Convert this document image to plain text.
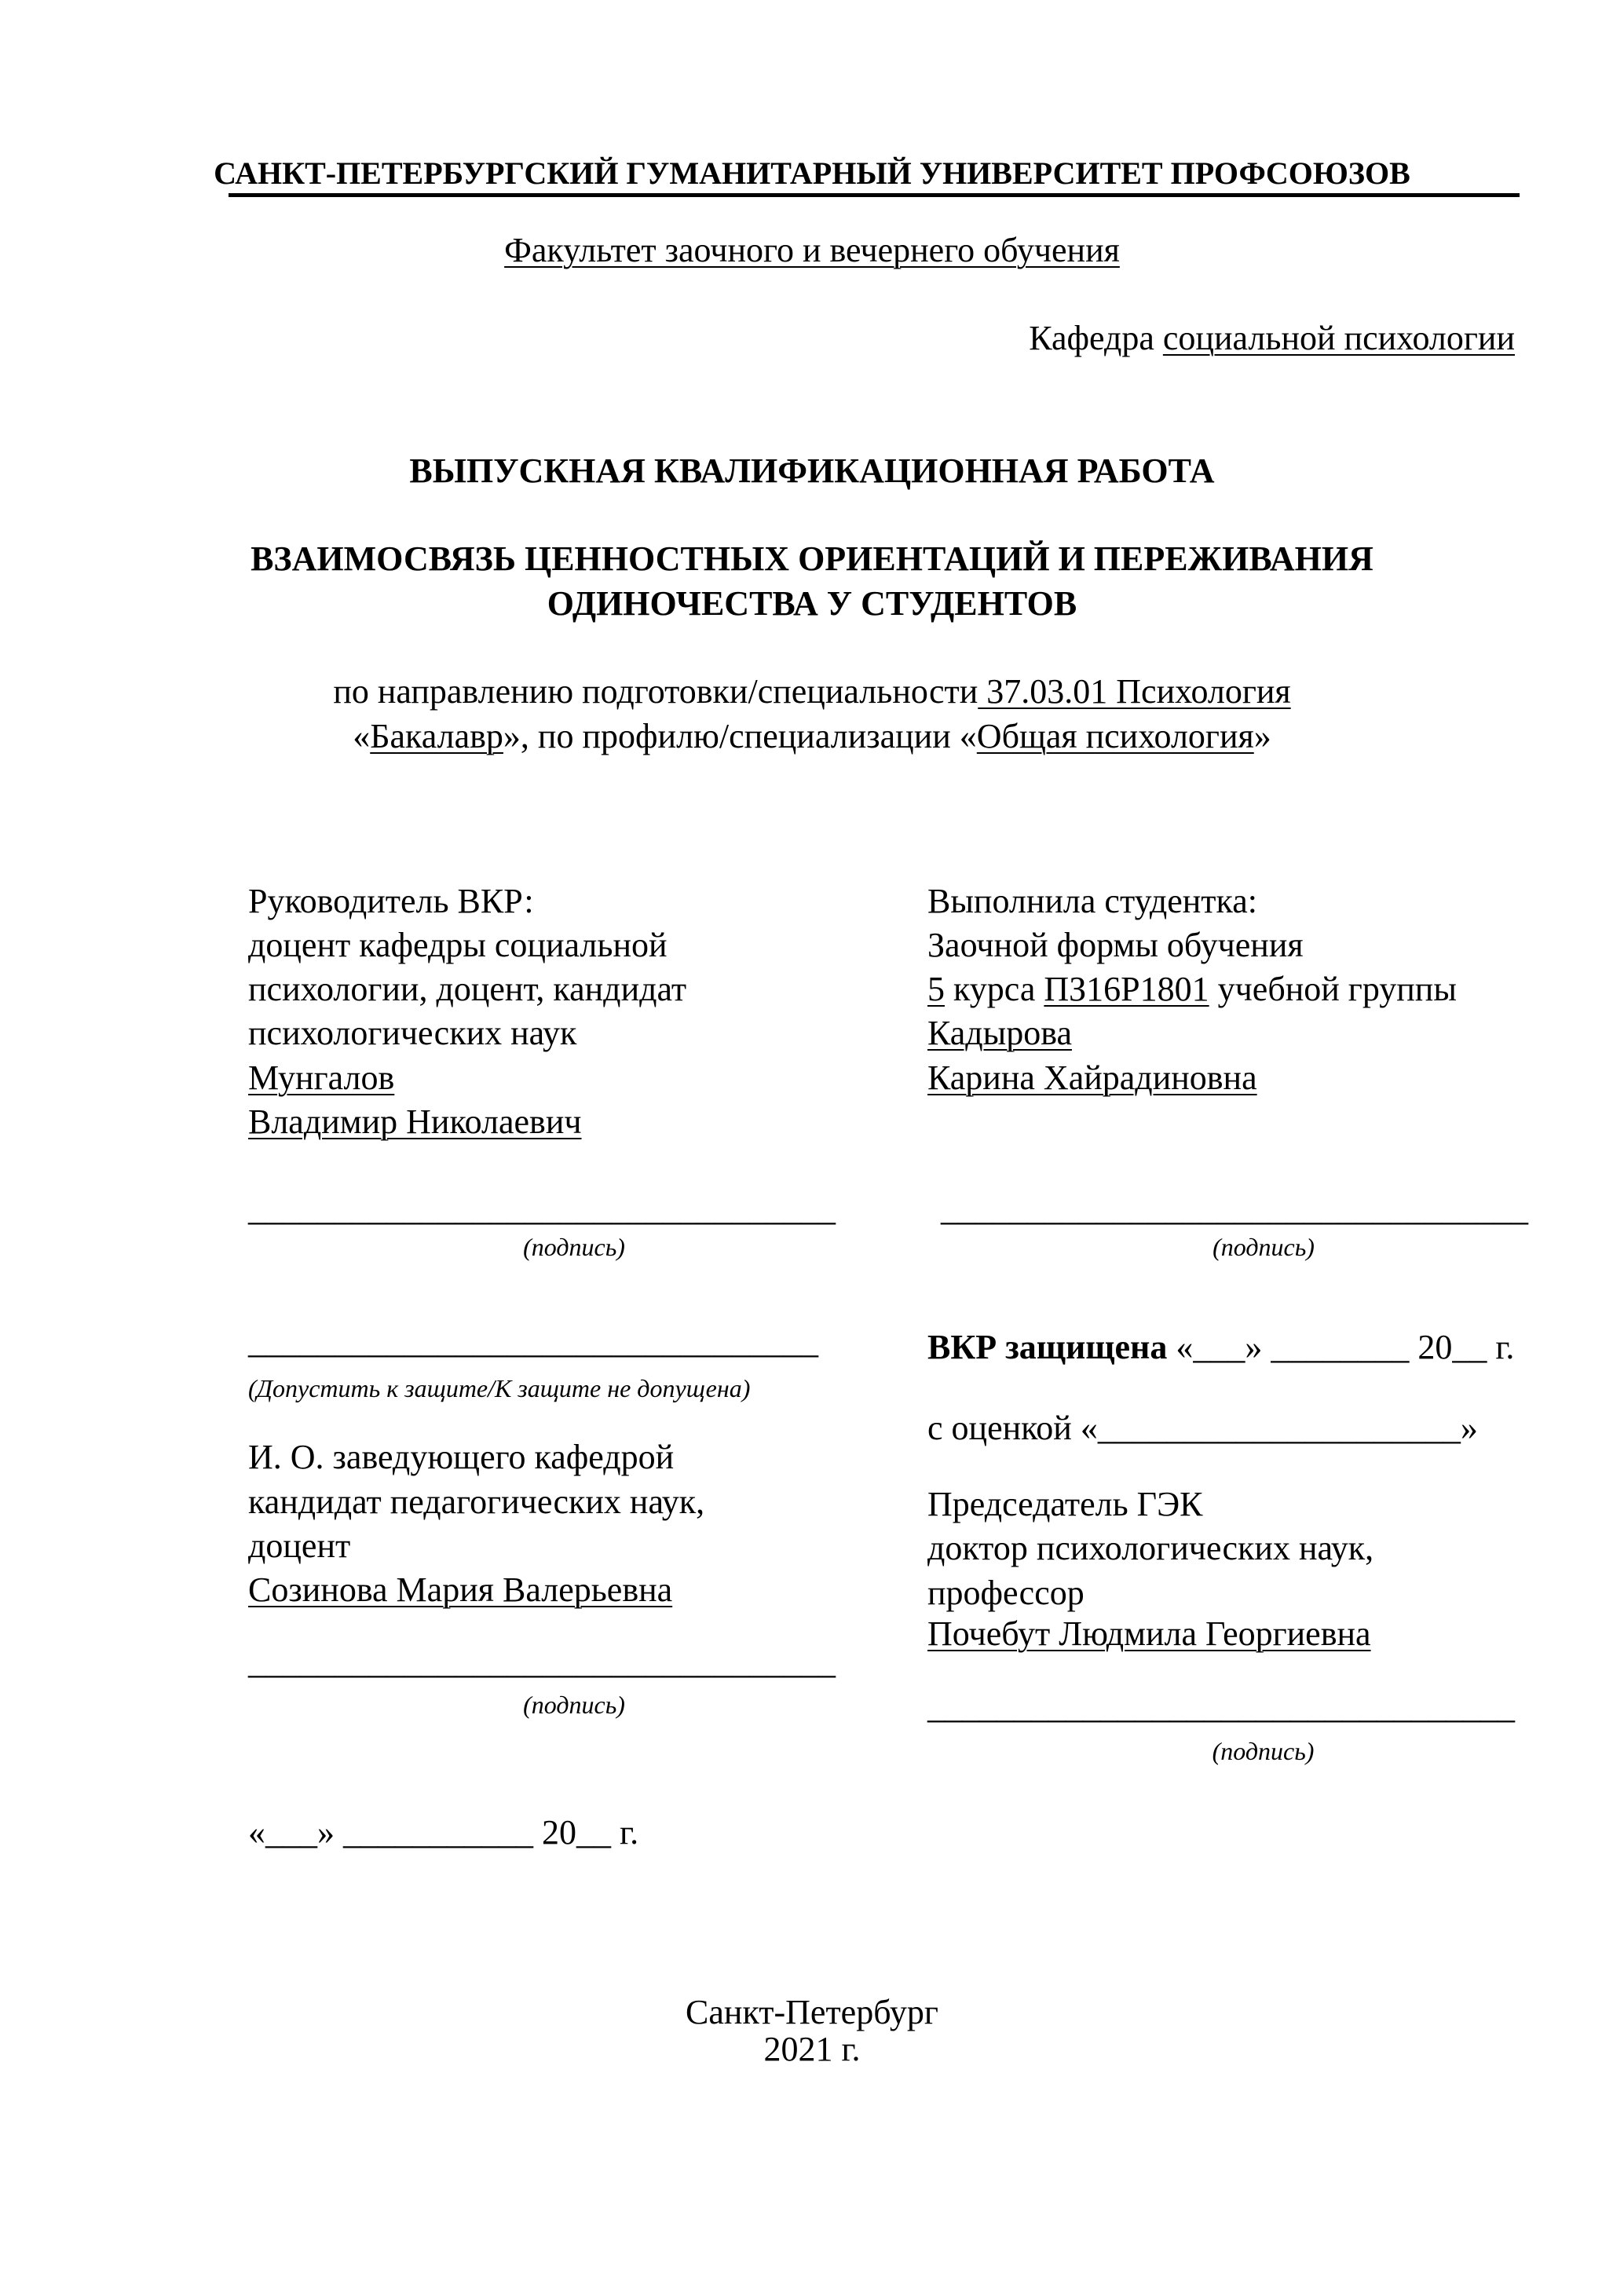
САНКТ-ПЕТЕРБУРГСКИЙ ГУМАНИТАРНЫЙ УНИВЕРСИТЕТ ПРОФСОЮЗОВ
Факультет заочного и вечернего обучения
Кафедра социальной психологии
ВЫПУСКНАЯ КВАЛИФИКАЦИОННАЯ РАБОТА
ВЗАИМОСВЯЗЬ ЦЕННОСТНЫХ ОРИЕНТАЦИЙ И ПЕРЕЖИВАНИЯ
ОДИНОЧЕСТВА У СТУДЕНТОВ
по направлению подготовки/специальности 37.03.01 Психология
«Бакалавр», по профилю/специализации «Общая психология»
Руководитель ВКР:
доцент кафедры социальной
психологии, доцент, кандидат
психологических наук
Мунгалов
Владимир Николаевич
Выполнила студентка:
Заочной формы обучения
5 курса ПЗ16Р1801 учебной группы
Кадырова
Карина Хайрадиновна
__________________________________
(подпись)
__________________________________
(подпись)
_________________________________
(Допустить к защите/К защите не допущена)
И. О. заведующего кафедрой
кандидат педагогических наук,
доцент
Созинова Мария Валерьевна
__________________________________
(подпись)
ВКР защищена «___» ________ 20__ г.
с оценкой «_____________________»
Председатель ГЭК
доктор психологических наук,
профессор
Почебут Людмила Георгиевна
__________________________________
(подпись)
«___» ___________ 20__ г.
Санкт-Петербург
2021 г.
